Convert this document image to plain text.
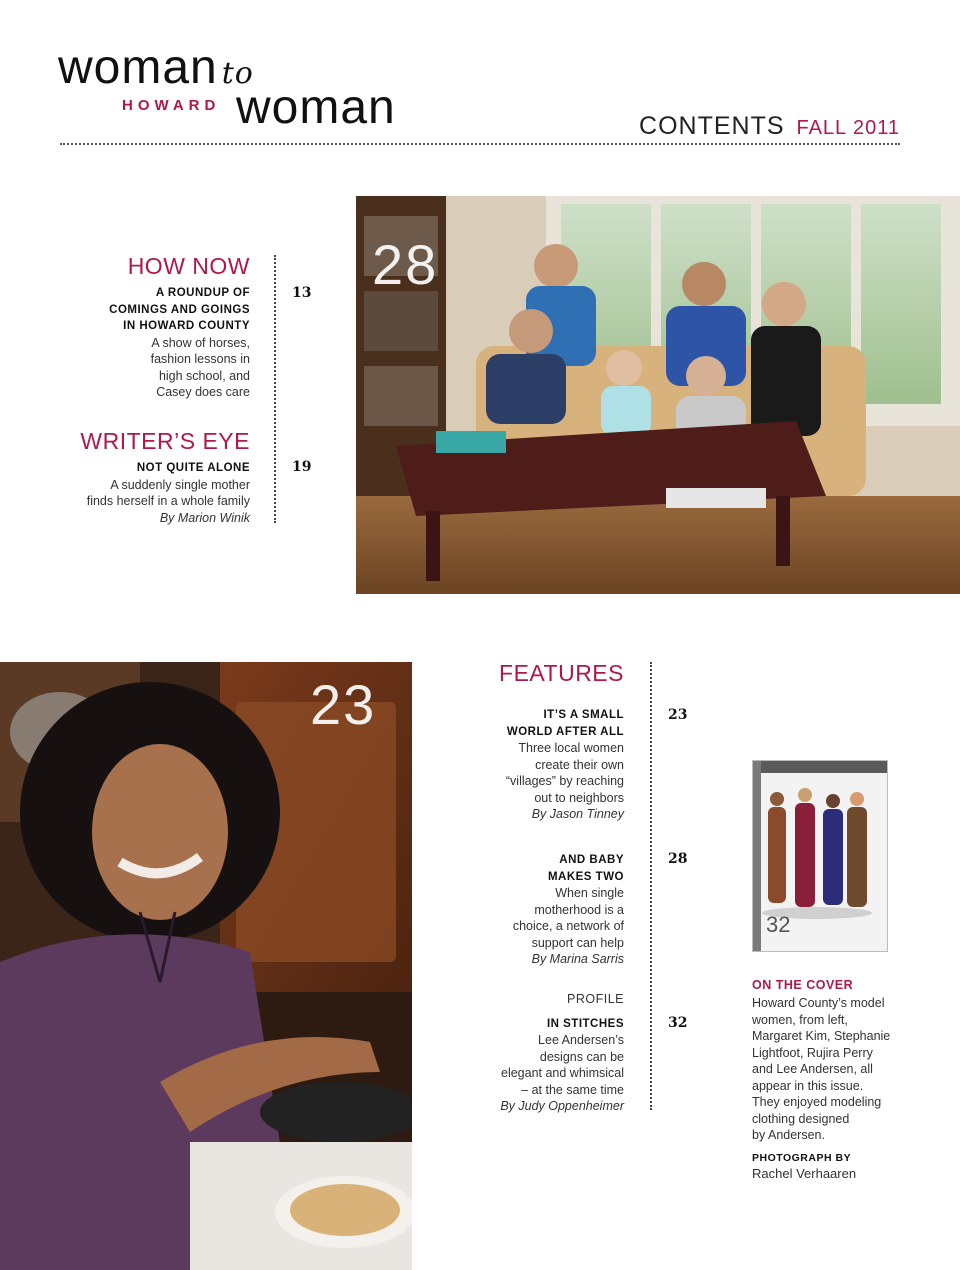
woman to
HOWARD woman	CONTENTS FALL 2011
HOW NOW
A ROUNDUP OF
COMINGS AND GOINGS
IN HOWARD COUNTY
A show of horses,
fashion lessons in
high school, and
Casey does care
13
WRITER’S EYE
NOT QUITE ALONE
A suddenly single mother
finds herself in a whole family
By Marion Winik
19
28
23	FEATURES
IT’S A SMALL
WORLD AFTER ALL
Three local women
create their own
“villages” by reaching
out to neighbors
By Jason Tinney
23
AND BABY
MAKES TWO
When single
motherhood is a
choice, a network of
support can help
By Marina Sarris
28
PROFILE
IN STITCHES
Lee Andersen’s
designs can be
elegant and whimsical
– at the same time
By Judy Oppenheimer
32
32
ON THE COVER
Howard County’s model
women, from left,
Margaret Kim, Stephanie
Lightfoot, Rujira Perry
and Lee Andersen, all
appear in this issue.
They enjoyed modeling
clothing designed
by Andersen.
PHOTOGRAPH BY
Rachel Verhaaren
